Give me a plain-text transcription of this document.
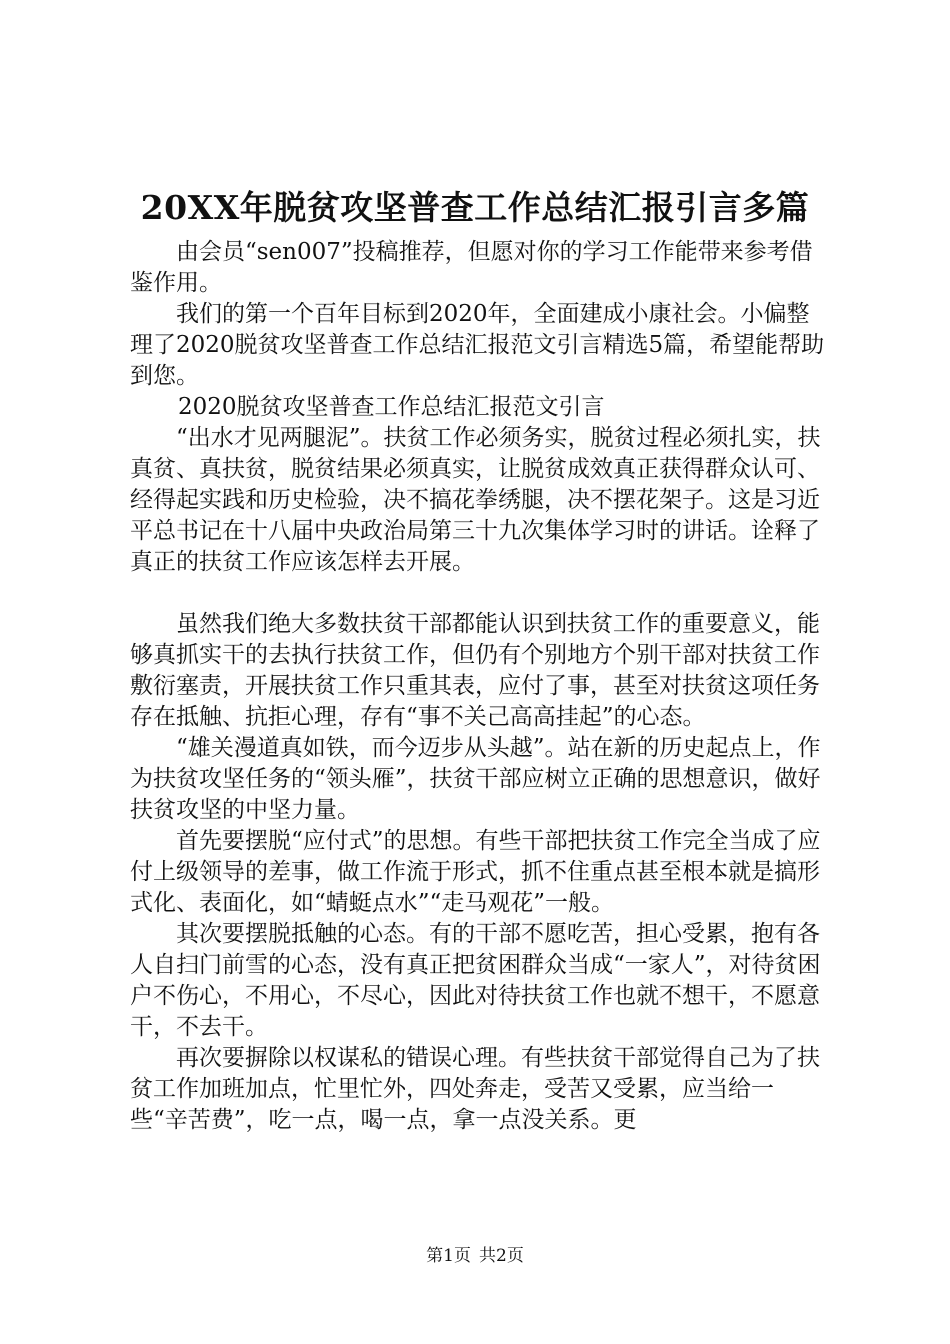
20XX年脱贫攻坚普查工作总结汇报引言多篇

由会员“sen007”投稿推荐，但愿对你的学习工作能带来参考借鉴作用。

我们的第一个百年目标到2020年，全面建成小康社会。小偏整理了2020脱贫攻坚普查工作总结汇报范文引言精选5篇，希望能帮助到您。

2020脱贫攻坚普查工作总结汇报范文引言

“出水才见两腿泥”。扶贫工作必须务实，脱贫过程必须扎实，扶真贫、真扶贫，脱贫结果必须真实，让脱贫成效真正获得群众认可、经得起实践和历史检验，决不搞花拳绣腿，决不摆花架子。这是习近平总书记在十八届中央政治局第三十九次集体学习时的讲话。诠释了真正的扶贫工作应该怎样去开展。

虽然我们绝大多数扶贫干部都能认识到扶贫工作的重要意义，能够真抓实干的去执行扶贫工作，但仍有个别地方个别干部对扶贫工作敷衍塞责，开展扶贫工作只重其表，应付了事，甚至对扶贫这项任务存在抵触、抗拒心理，存有“事不关己高高挂起”的心态。

“雄关漫道真如铁，而今迈步从头越”。站在新的历史起点上，作为扶贫攻坚任务的“领头雁”，扶贫干部应树立正确的思想意识，做好扶贫攻坚的中坚力量。

首先要摆脱“应付式”的思想。有些干部把扶贫工作完全当成了应付上级领导的差事，做工作流于形式，抓不住重点甚至根本就是搞形式化、表面化，如“蜻蜓点水”“走马观花”一般。

其次要摆脱抵触的心态。有的干部不愿吃苦，担心受累，抱有各人自扫门前雪的心态，没有真正把贫困群众当成“一家人”，对待贫困户不伤心，不用心，不尽心，因此对待扶贫工作也就不想干，不愿意干，不去干。

再次要摒除以权谋私的错误心理。有些扶贫干部觉得自己为了扶贫工作加班加点，忙里忙外，四处奔走，受苦又受累，应当给一些“辛苦费”，吃一点，喝一点，拿一点没关系。更

第1页 共2页
